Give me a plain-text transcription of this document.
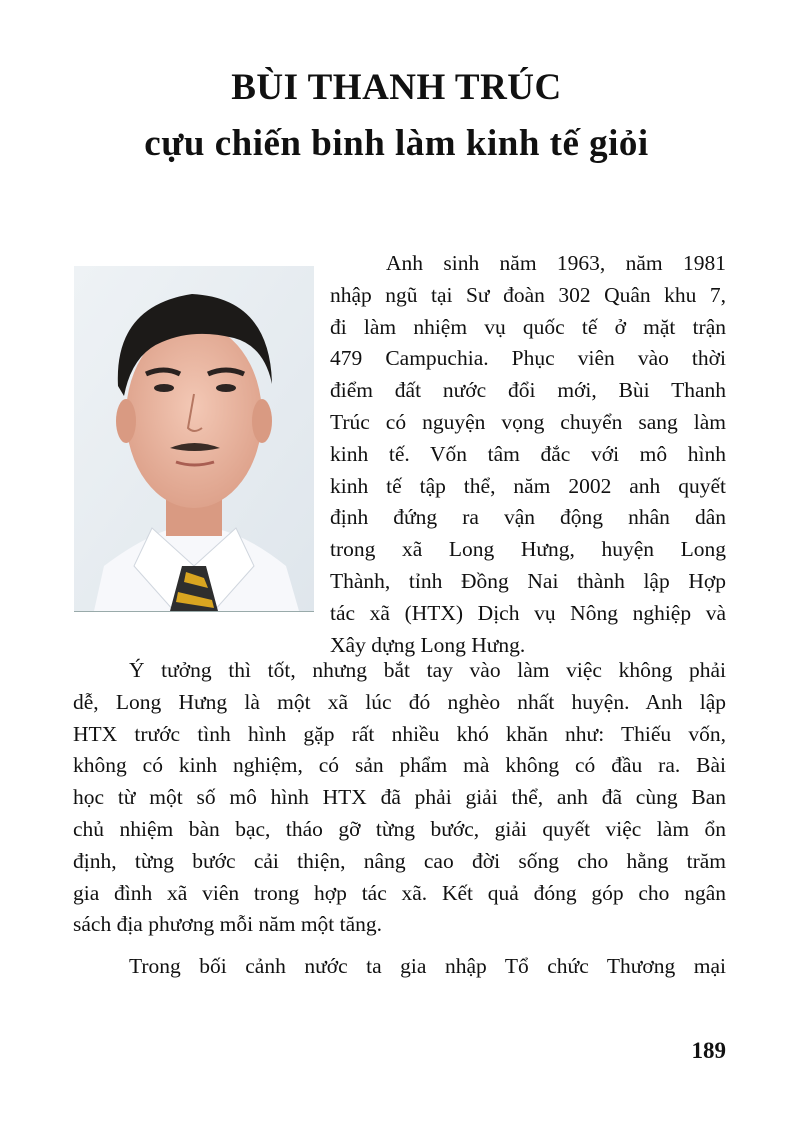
BÙI THANH TRÚC
cựu chiến binh làm kinh tế giỏi
Anh sinh năm 1963, năm 1981
nhập ngũ tại Sư đoàn 302 Quân khu 7,
đi làm nhiệm vụ quốc tế ở mặt trận
479 Campuchia. Phục viên vào thời
điểm đất nước đổi mới, Bùi Thanh
Trúc có nguyện vọng chuyển sang làm
kinh tế. Vốn tâm đắc với mô hình
kinh tế tập thể, năm 2002 anh quyết
định đứng ra vận động nhân dân
trong xã Long Hưng, huyện Long
Thành, tỉnh Đồng Nai thành lập Hợp
tác xã (HTX) Dịch vụ Nông nghiệp và
Xây dựng Long Hưng.

Ý tưởng thì tốt, nhưng bắt tay vào làm việc không phải
dễ, Long Hưng là một xã lúc đó nghèo nhất huyện. Anh lập
HTX trước tình hình gặp rất nhiều khó khăn như: Thiếu vốn,
không có kinh nghiệm, có sản phẩm mà không có đầu ra. Bài
học từ một số mô hình HTX đã phải giải thể, anh đã cùng Ban
chủ nhiệm bàn bạc, tháo gỡ từng bước, giải quyết việc làm ổn
định, từng bước cải thiện, nâng cao đời sống cho hằng trăm
gia đình xã viên trong hợp tác xã. Kết quả đóng góp cho ngân
sách địa phương mỗi năm một tăng.

Trong bối cảnh nước ta gia nhập Tổ chức Thương mại

189
